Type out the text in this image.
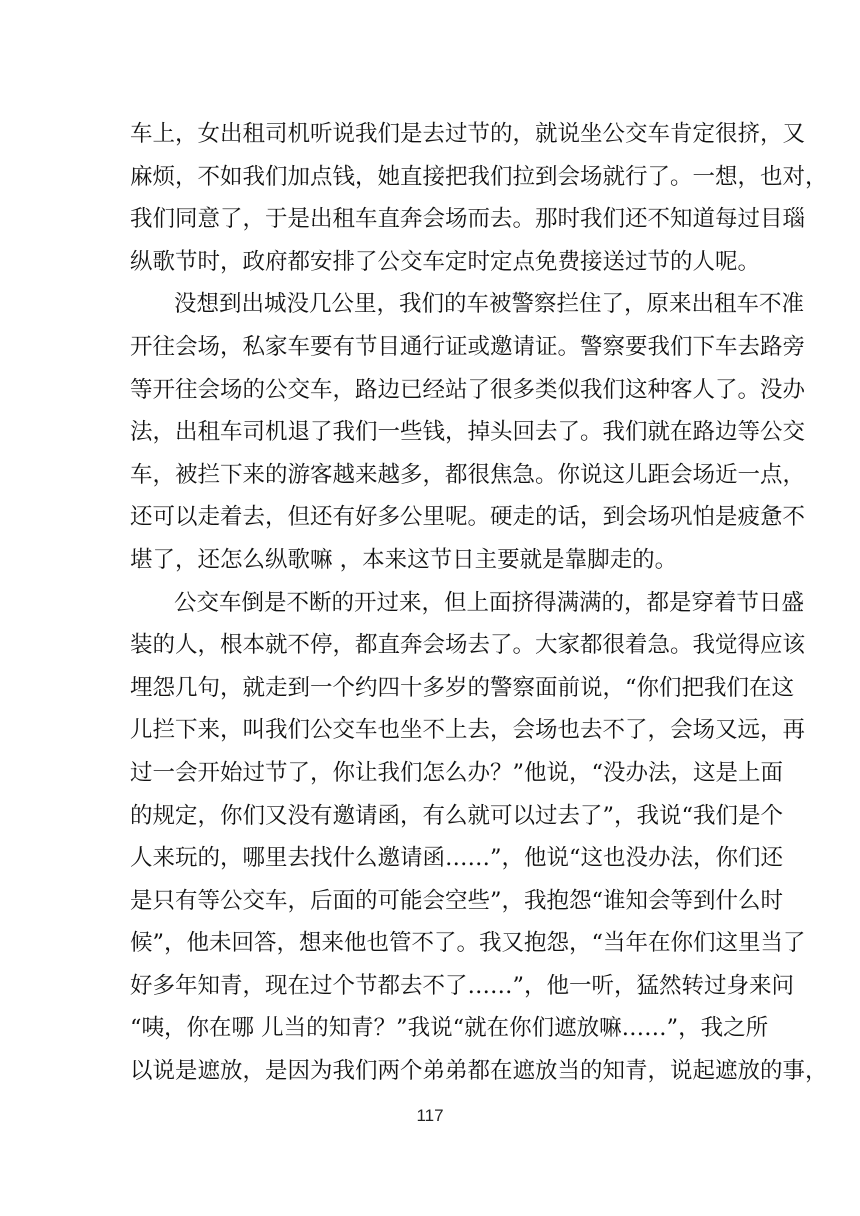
车上，女出租司机听说我们是去过节的，就说坐公交车肯定很挤，又
麻烦，不如我们加点钱，她直接把我们拉到会场就行了。一想，也对，
我们同意了，于是出租车直奔会场而去。那时我们还不知道每过目瑙
纵歌节时，政府都安排了公交车定时定点免费接送过节的人呢。
没想到出城没几公里，我们的车被警察拦住了，原来出租车不准
开往会场，私家车要有节目通行证或邀请证。警察要我们下车去路旁
等开往会场的公交车，路边已经站了很多类似我们这种客人了。没办
法，出租车司机退了我们一些钱，掉头回去了。我们就在路边等公交
车，被拦下来的游客越来越多，都很焦急。你说这儿距会场近一点，
还可以走着去，但还有好多公里呢。硬走的话，到会场巩怕是疲惫不
堪了，还怎么纵歌嘛 ，本来这节日主要就是靠脚走的。
公交车倒是不断的开过来，但上面挤得满满的，都是穿着节日盛
装的人，根本就不停，都直奔会场去了。大家都很着急。我觉得应该
埋怨几句，就走到一个约四十多岁的警察面前说，“你们把我们在这
儿拦下来，叫我们公交车也坐不上去，会场也去不了，会场又远，再
过一会开始过节了，你让我们怎么办？”他说，“没办法，这是上面
的规定，你们又没有邀请函，有么就可以过去了”，我说“我们是个
人来玩的，哪里去找什么邀请函……”，他说“这也没办法，你们还
是只有等公交车，后面的可能会空些”，我抱怨“谁知会等到什么时
候”，他未回答，想来他也管不了。我又抱怨，“当年在你们这里当了
好多年知青，现在过个节都去不了……”，他一听，猛然转过身来问
“咦，你在哪 儿当的知青？”我说“就在你们遮放嘛……”，我之所
以说是遮放，是因为我们两个弟弟都在遮放当的知青，说起遮放的事，
117
